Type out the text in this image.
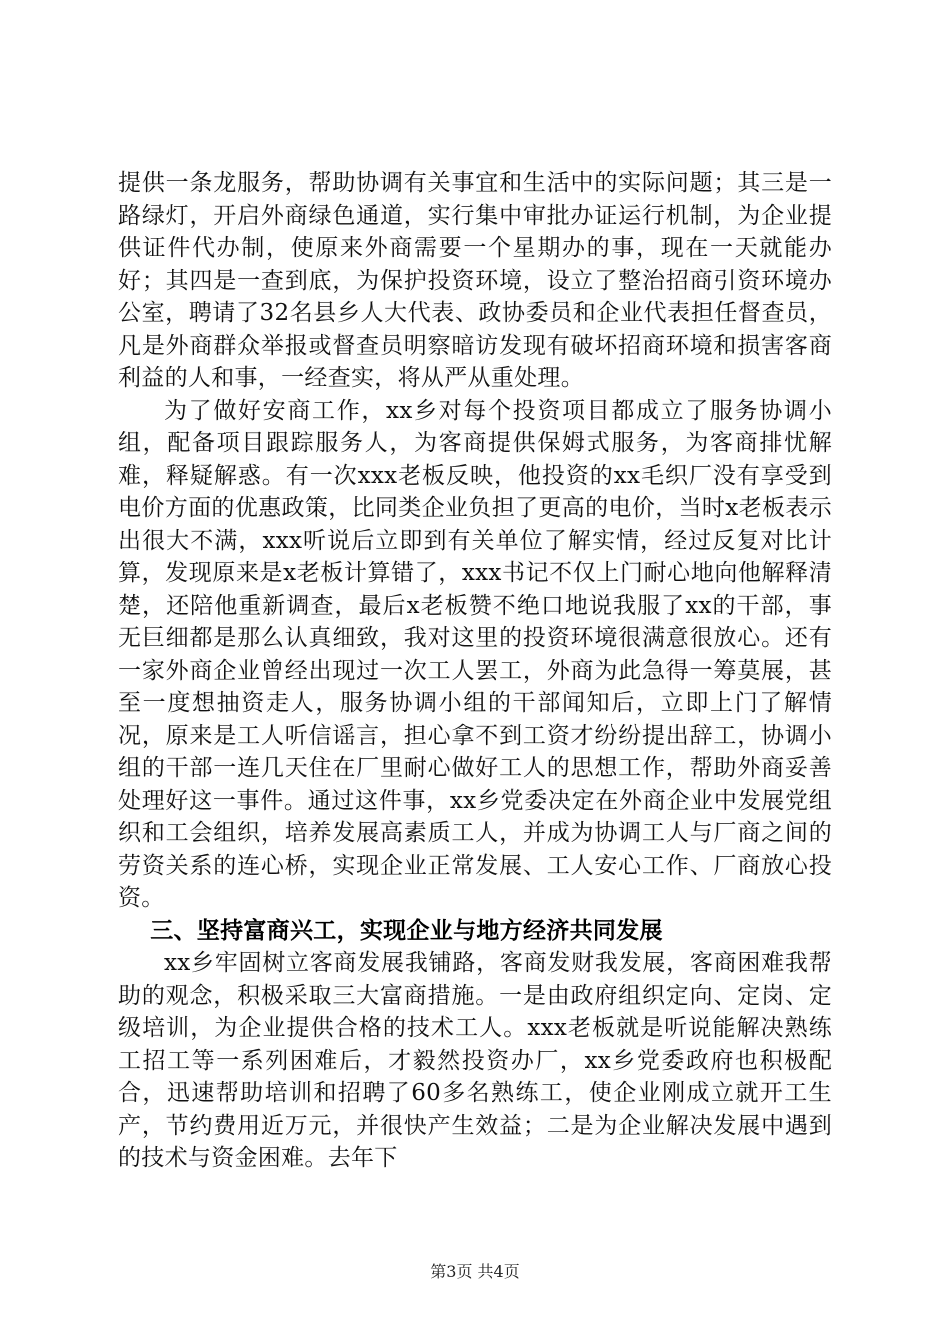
提供一条龙服务，帮助协调有关事宜和生活中的实际问题；其三是一路绿灯，开启外商绿色通道，实行集中审批办证运行机制，为企业提供证件代办制，使原来外商需要一个星期办的事，现在一天就能办好；其四是一查到底，为保护投资环境，设立了整治招商引资环境办公室，聘请了32名县乡人大代表、政协委员和企业代表担任督查员，凡是外商群众举报或督查员明察暗访发现有破坏招商环境和损害客商利益的人和事，一经查实，将从严从重处理。

为了做好安商工作，xx乡对每个投资项目都成立了服务协调小组，配备项目跟踪服务人，为客商提供保姆式服务，为客商排忧解难，释疑解惑。有一次xxx老板反映，他投资的xx毛织厂没有享受到电价方面的优惠政策，比同类企业负担了更高的电价，当时x老板表示出很大不满，xxx听说后立即到有关单位了解实情，经过反复对比计算，发现原来是x老板计算错了，xxx书记不仅上门耐心地向他解释清楚，还陪他重新调查，最后x老板赞不绝口地说我服了xx的干部，事无巨细都是那么认真细致，我对这里的投资环境很满意很放心。还有一家外商企业曾经出现过一次工人罢工，外商为此急得一筹莫展，甚至一度想抽资走人，服务协调小组的干部闻知后，立即上门了解情况，原来是工人听信谣言，担心拿不到工资才纷纷提出辞工，协调小组的干部一连几天住在厂里耐心做好工人的思想工作，帮助外商妥善处理好这一事件。通过这件事，xx乡党委决定在外商企业中发展党组织和工会组织，培养发展高素质工人，并成为协调工人与厂商之间的劳资关系的连心桥，实现企业正常发展、工人安心工作、厂商放心投资。

三、坚持富商兴工，实现企业与地方经济共同发展

xx乡牢固树立客商发展我铺路，客商发财我发展，客商困难我帮助的观念，积极采取三大富商措施。一是由政府组织定向、定岗、定级培训，为企业提供合格的技术工人。xxx老板就是听说能解决熟练工招工等一系列困难后，才毅然投资办厂，xx乡党委政府也积极配合，迅速帮助培训和招聘了60多名熟练工，使企业刚成立就开工生产，节约费用近万元，并很快产生效益；二是为企业解决发展中遇到的技术与资金困难。去年下

第3页 共4页
